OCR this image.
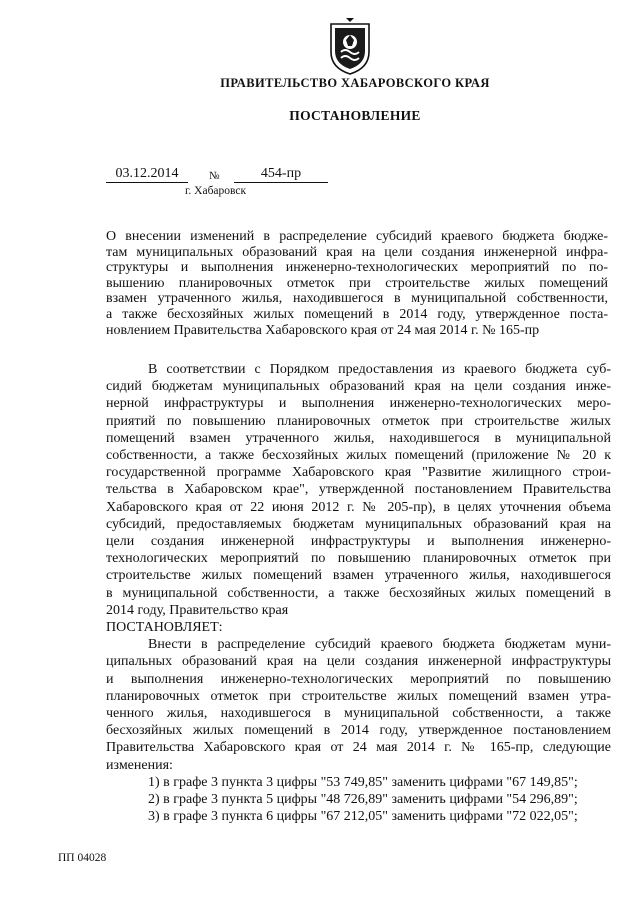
ПРАВИТЕЛЬСТВО ХАБАРОВСКОГО КРАЯ
ПОСТАНОВЛЕНИЕ
03.12.2014	№	454-пр
г. Хабаровск
О внесении изменений в распределение субсидий краевого бюджета бюдже-
там муниципальных образований края на цели создания инженерной инфра-
структуры и выполнения инженерно-технологических мероприятий по по-
вышению планировочных отметок при строительстве жилых помещений
взамен утраченного жилья, находившегося в муниципальной собственности,
а также бесхозяйных жилых помещений в 2014 году, утвержденное поста-
новлением Правительства Хабаровского края от 24 мая 2014 г. № 165-пр
В соответствии с Порядком предоставления из краевого бюджета суб-
сидий бюджетам муниципальных образований края на цели создания инже-
нерной инфраструктуры и выполнения инженерно-технологических меро-
приятий по повышению планировочных отметок при строительстве жилых
помещений взамен утраченного жилья, находившегося в муниципальной
собственности, а также бесхозяйных жилых помещений (приложение № 20 к
государственной программе Хабаровского края "Развитие жилищного строи-
тельства в Хабаровском крае", утвержденной постановлением Правительства
Хабаровского края от 22 июня 2012 г. № 205-пр), в целях уточнения объема
субсидий, предоставляемых бюджетам муниципальных образований края на
цели создания инженерной инфраструктуры и выполнения инженерно-
технологических мероприятий по повышению планировочных отметок при
строительстве жилых помещений взамен утраченного жилья, находившегося
в муниципальной собственности, а также бесхозяйных жилых помещений в
2014 году, Правительство края
ПОСТАНОВЛЯЕТ:
Внести в распределение субсидий краевого бюджета бюджетам муни-
ципальных образований края на цели создания инженерной инфраструктуры
и выполнения инженерно-технологических мероприятий по повышению
планировочных отметок при строительстве жилых помещений взамен утра-
ченного жилья, находившегося в муниципальной собственности, а также
бесхозяйных жилых помещений в 2014 году, утвержденное постановлением
Правительства Хабаровского края от 24 мая 2014 г. № 165-пр, следующие
изменения:
1) в графе 3 пункта 3 цифры "53 749,85" заменить цифрами "67 149,85";
2) в графе 3 пункта 5 цифры "48 726,89" заменить цифрами "54 296,89";
3) в графе 3 пункта 6 цифры "67 212,05" заменить цифрами "72 022,05";
ПП 04028
